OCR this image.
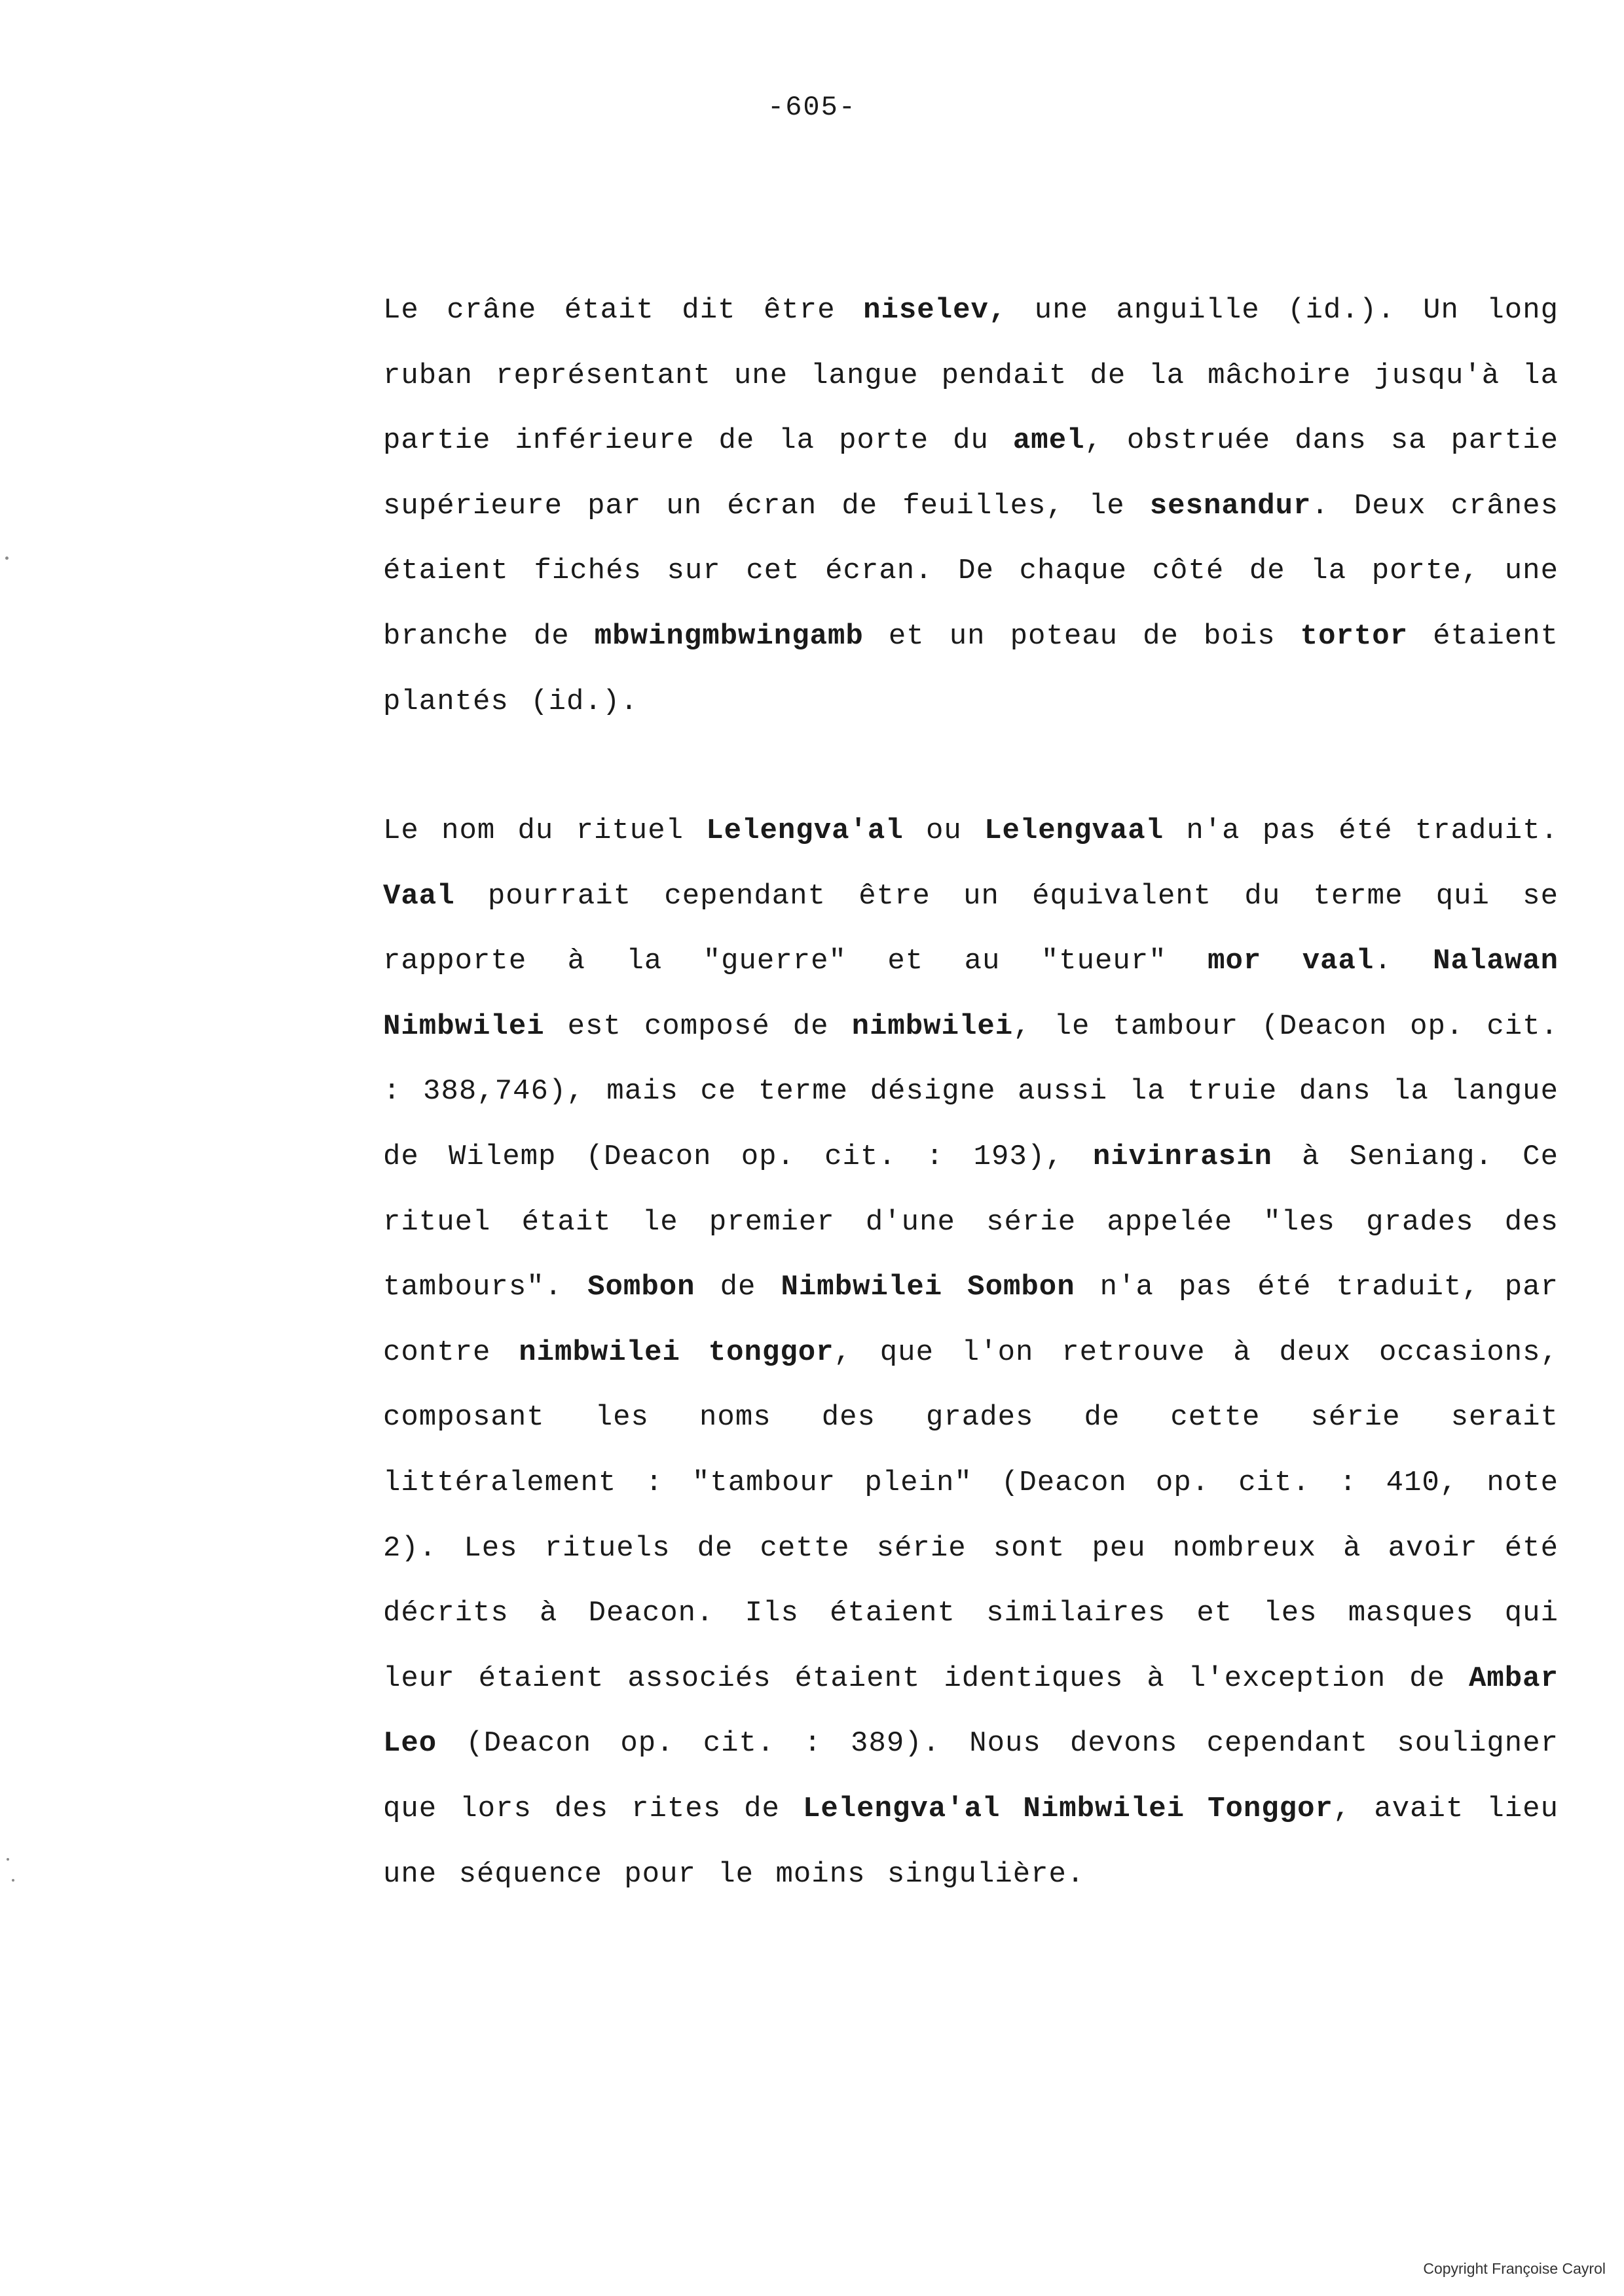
-605-

Le crâne était dit être niselev, une anguille (id.). Un long ruban représentant une langue pendait de la mâchoire jusqu'à la partie inférieure de la porte du amel, obstruée dans sa partie supérieure par un écran de feuilles, le sesnandur. Deux crânes étaient fichés sur cet écran. De chaque côté de la porte, une branche de mbwingmbwingamb et un poteau de bois tortor étaient plantés (id.).

Le nom du rituel Lelengva'al ou Lelengvaal n'a pas été traduit. Vaal pourrait cependant être un équivalent du terme qui se rapporte à la "guerre" et au "tueur" mor vaal. Nalawan Nimbwilei est composé de nimbwilei, le tambour (Deacon op. cit. : 388,746), mais ce terme désigne aussi la truie dans la langue de Wilemp (Deacon op. cit. : 193), nivinrasin à Seniang. Ce rituel était le premier d'une série appelée "les grades des tambours". Sombon de Nimbwilei Sombon n'a pas été traduit, par contre nimbwilei tonggor, que l'on retrouve à deux occasions, composant les noms des grades de cette série serait littéralement : "tambour plein" (Deacon op. cit. : 410, note 2). Les rituels de cette série sont peu nombreux à avoir été décrits à Deacon. Ils étaient similaires et les masques qui leur étaient associés étaient identiques à l'exception de Ambar Leo (Deacon op. cit. : 389). Nous devons cependant souligner que lors des rites de Lelengva'al Nimbwilei Tonggor, avait lieu une séquence pour le moins singulière.

Copyright Françoise Cayrol
